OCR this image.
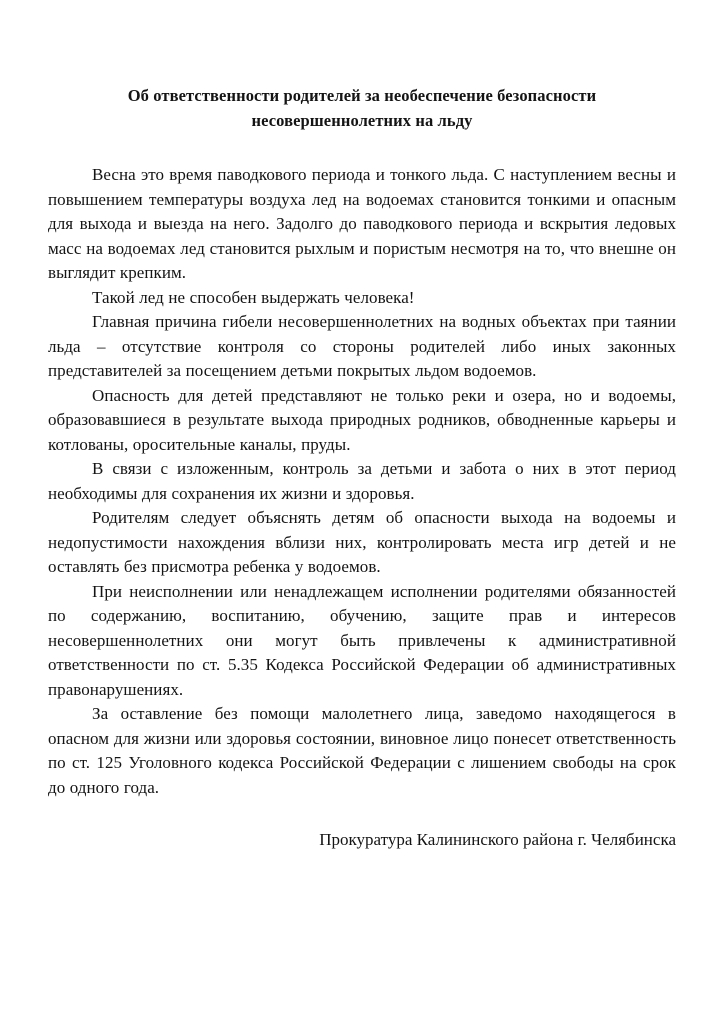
Об ответственности родителей за необеспечение безопасности несовершеннолетних на льду

Весна это время паводкового периода и тонкого льда. С наступлением весны и повышением температуры воздуха лед на водоемах становится тонкими и опасным для выхода и выезда на него. Задолго до паводкового периода и вскрытия ледовых масс на водоемах лед становится рыхлым и пористым несмотря на то, что внешне он выглядит крепким.

Такой лед не способен выдержать человека!

Главная причина гибели несовершеннолетних на водных объектах при таянии льда – отсутствие контроля со стороны родителей либо иных законных представителей за посещением детьми покрытых льдом водоемов.

Опасность для детей представляют не только реки и озера, но и водоемы, образовавшиеся в результате выхода природных родников, обводненные карьеры и котлованы, оросительные каналы, пруды.

В связи с изложенным, контроль за детьми и забота о них в этот период необходимы для сохранения их жизни и здоровья.

Родителям следует объяснять детям об опасности выхода на водоемы и недопустимости нахождения вблизи них, контролировать места игр детей и не оставлять без присмотра ребенка у водоемов.

При неисполнении или ненадлежащем исполнении родителями обязанностей по содержанию, воспитанию, обучению, защите прав и интересов несовершеннолетних они могут быть привлечены к административной ответственности по ст. 5.35 Кодекса Российской Федерации об административных правонарушениях.

За оставление без помощи малолетнего лица, заведомо находящегося в опасном для жизни или здоровья состоянии, виновное лицо понесет ответственность по ст. 125 Уголовного кодекса Российской Федерации с лишением свободы на срок до одного года.

Прокуратура Калининского района г. Челябинска
